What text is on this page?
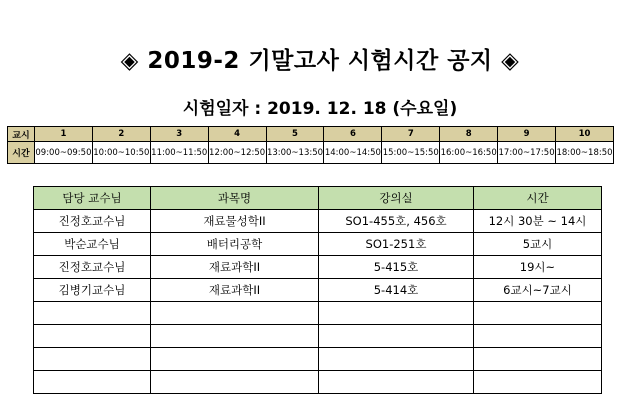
◈ 2019-2 기말고사 시험시간 공지 ◈
시험일자 : 2019. 12. 18 (수요일)
교시	1	2	3	4	5	6	7	8	9	10
시간	09:00~09:50	10:00~10:50	11:00~11:50	12:00~12:50	13:00~13:50	14:00~14:50	15:00~15:50	16:00~16:50	17:00~17:50	18:00~18:50
담당 교수님	과목명	강의실	시간
진정호교수님	재료물성학II	SO1-455호, 456호	12시 30분 ~ 14시
박순교수님	배터리공학	SO1-251호	5교시
진정호교수님	재료과학II	5-415호	19시~
김병기교수님	재료과학II	5-414호	6교시~7교시
